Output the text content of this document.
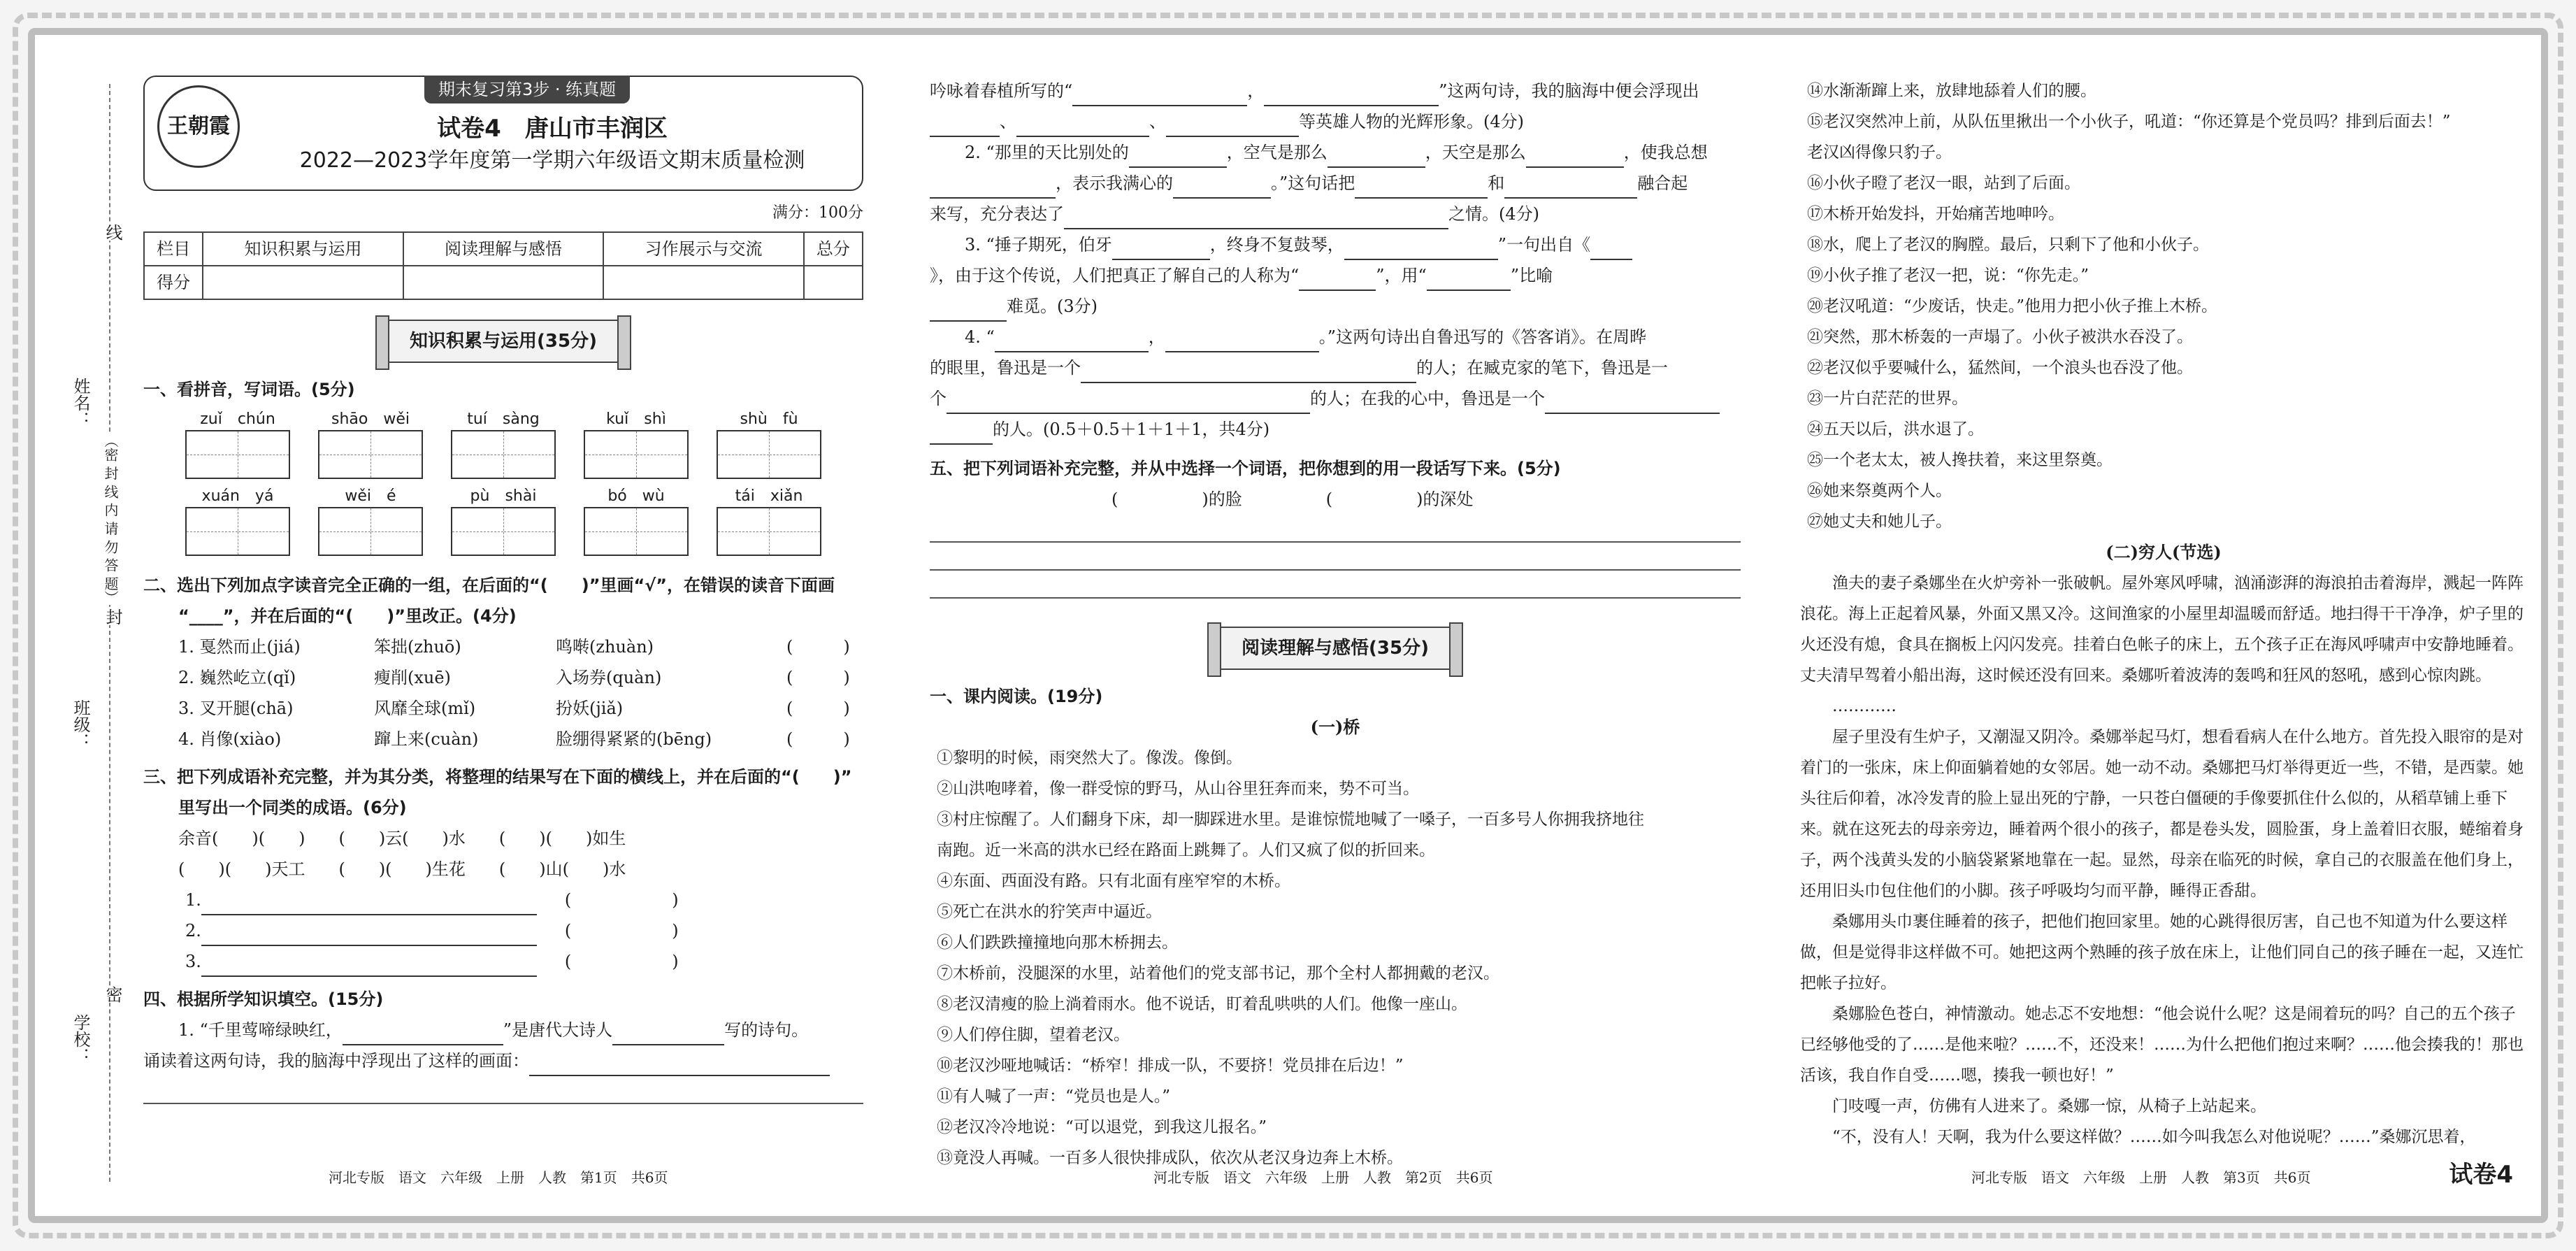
姓名：
班级：
学校：
线
封
密
（密 封 线 内 请 勿 答 题）
王朝霞
期末复习第3步 · 练真题
试卷4　唐山市丰润区
2022—2023学年度第一学期六年级语文期末质量检测
满分：100分
栏目	知识积累与运用	阅读理解与感悟	习作展示与交流	总分
得分				
知识积累与运用(35分)
一、看拼音，写词语。(5分)
zuǐ　chún	shāo　wěi	tuí　sàng	kuǐ　shì	shù　fù
xuán　yá	wěi　é	pù　shài	bó　wù	tái　xiǎn
二、选出下列加点字读音完全正确的一组，在后面的“(　　)”里画“√”，在错误的读音下面画
“____”，并在后面的“(　　)”里改正。(4分)
1. 戛然而止(jiá)	笨拙(zhuō)	鸣啭(zhuàn)	(　　　)
2. 巍然屹立(qǐ)	瘦削(xuē)	入场券(quàn)	(　　　)
3. 叉开腿(chā)	风靡全球(mǐ)	扮妖(jiǎ)	(　　　)
4. 肖像(xiào)	蹿上来(cuàn)	脸绷得紧紧的(bēng)	(　　　)
三、把下列成语补充完整，并为其分类，将整理的结果写在下面的横线上，并在后面的“(　　)”
里写出一个同类的成语。(6分)
余音(　　)(　　)　　(　　)云(　　)水　　(　　)(　　)如生
(　　)(　　)天工　　(　　)(　　)生花　　(　　)山(　　)水
1.	(　　　　　　)
2.	(　　　　　　)
3.	(　　　　　　)
四、根据所学知识填空。(15分)
1. “千里莺啼绿映红，	”是唐代大诗人	写的诗句。
诵读着这两句诗，我的脑海中浮现出了这样的画面：
吟咏着春植所写的“	，	”这两句诗，我的脑海中便会浮现出
、	、	等英雄人物的光辉形象。(4分)
2. “那里的天比别处的	，空气是那么	，天空是那么	，使我总想
，表示我满心的	。”这句话把	和	融合起
来写，充分表达了	之情。(4分)
3. “捶子期死，伯牙	，终身不复鼓琴，	”一句出自《
》，由于这个传说，人们把真正了解自己的人称为“	”，用“	”比喻
难觅。(3分)
4. “	，	。”这两句诗出自鲁迅写的《答客诮》。在周晔
的眼里，鲁迅是一个	的人；在臧克家的笔下，鲁迅是一
个	的人；在我的心中，鲁迅是一个
的人。(0.5＋0.5＋1＋1＋1，共4分)
五、把下列词语补充完整，并从中选择一个词语，把你想到的用一段话写下来。(5分)
(　　　　　)的脸	(　　　　　)的深处
阅读理解与感悟(35分)
一、课内阅读。(19分)
(一)桥
①黎明的时候，雨突然大了。像泼。像倒。
②山洪咆哮着，像一群受惊的野马，从山谷里狂奔而来，势不可当。
③村庄惊醒了。人们翻身下床，却一脚踩进水里。是谁惊慌地喊了一嗓子，一百多号人你拥我挤地往
南跑。近一米高的洪水已经在路面上跳舞了。人们又疯了似的折回来。
④东面、西面没有路。只有北面有座窄窄的木桥。
⑤死亡在洪水的狞笑声中逼近。
⑥人们跌跌撞撞地向那木桥拥去。
⑦木桥前，没腿深的水里，站着他们的党支部书记，那个全村人都拥戴的老汉。
⑧老汉清瘦的脸上淌着雨水。他不说话，盯着乱哄哄的人们。他像一座山。
⑨人们停住脚，望着老汉。
⑩老汉沙哑地喊话：“桥窄！排成一队，不要挤！党员排在后边！”
⑪有人喊了一声：“党员也是人。”
⑫老汉冷冷地说：“可以退党，到我这儿报名。”
⑬竟没人再喊。一百多人很快排成队，依次从老汉身边奔上木桥。
⑭水渐渐蹿上来，放肆地舔着人们的腰。
⑮老汉突然冲上前，从队伍里揪出一个小伙子，吼道：“你还算是个党员吗？排到后面去！”
老汉凶得像只豹子。
⑯小伙子瞪了老汉一眼，站到了后面。
⑰木桥开始发抖，开始痛苦地呻吟。
⑱水，爬上了老汉的胸膛。最后，只剩下了他和小伙子。
⑲小伙子推了老汉一把，说：“你先走。”
⑳老汉吼道：“少废话，快走。”他用力把小伙子推上木桥。
㉑突然，那木桥轰的一声塌了。小伙子被洪水吞没了。
㉒老汉似乎要喊什么，猛然间，一个浪头也吞没了他。
㉓一片白茫茫的世界。
㉔五天以后，洪水退了。
㉕一个老太太，被人搀扶着，来这里祭奠。
㉖她来祭奠两个人。
㉗她丈夫和她儿子。
(二)穷人(节选)
渔夫的妻子桑娜坐在火炉旁补一张破帆。屋外寒风呼啸，汹涌澎湃的海浪拍击着海岸，溅起一阵阵浪花。海上正起着风暴，外面又黑又冷。这间渔家的小屋里却温暖而舒适。地扫得干干净净，炉子里的火还没有熄，食具在搁板上闪闪发亮。挂着白色帐子的床上，五个孩子正在海风呼啸声中安静地睡着。丈夫清早驾着小船出海，这时候还没有回来。桑娜听着波涛的轰鸣和狂风的怒吼，感到心惊肉跳。
…………
屋子里没有生炉子，又潮湿又阴冷。桑娜举起马灯，想看看病人在什么地方。首先投入眼帘的是对着门的一张床，床上仰面躺着她的女邻居。她一动不动。桑娜把马灯举得更近一些，不错，是西蒙。她头往后仰着，冰冷发青的脸上显出死的宁静，一只苍白僵硬的手像要抓住什么似的，从稻草铺上垂下来。就在这死去的母亲旁边，睡着两个很小的孩子，都是卷头发，圆脸蛋，身上盖着旧衣服，蜷缩着身子，两个浅黄头发的小脑袋紧紧地靠在一起。显然，母亲在临死的时候，拿自己的衣服盖在他们身上，还用旧头巾包住他们的小脚。孩子呼吸均匀而平静，睡得正香甜。
桑娜用头巾裹住睡着的孩子，把他们抱回家里。她的心跳得很厉害，自己也不知道为什么要这样做，但是觉得非这样做不可。她把这两个熟睡的孩子放在床上，让他们同自己的孩子睡在一起，又连忙把帐子拉好。
桑娜脸色苍白，神情激动。她忐忑不安地想：“他会说什么呢？这是闹着玩的吗？自己的五个孩子已经够他受的了……是他来啦？……不，还没来！……为什么把他们抱过来啊？……他会揍我的！那也活该，我自作自受……嗯，揍我一顿也好！”
门吱嘎一声，仿佛有人进来了。桑娜一惊，从椅子上站起来。
“不，没有人！天啊，我为什么要这样做？……如今叫我怎么对他说呢？……”桑娜沉思着，
河北专版　语文　六年级　上册　人教　第1页　共6页	河北专版　语文　六年级　上册　人教　第2页　共6页	河北专版　语文　六年级　上册　人教　第3页　共6页	试卷4
